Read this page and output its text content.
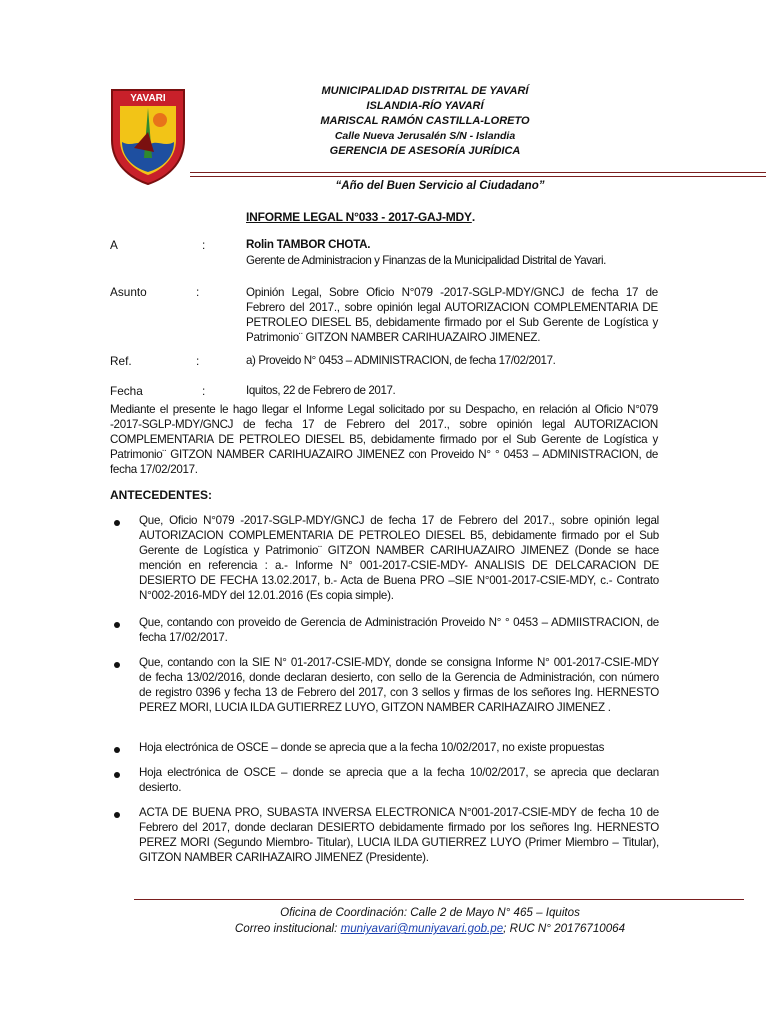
YAVARI
MUNICIPALIDAD DISTRITAL DE YAVARÍ
ISLANDIA-RÍO YAVARÍ
MARISCAL RAMÓN CASTILLA-LORETO
Calle Nueva Jerusalén S/N - Islandia
GERENCIA DE ASESORÍA JURÍDICA
“Año del Buen Servicio al Ciudadano”
INFORME LEGAL N°033 - 2017-GAJ-MDY.
A	:	Rolin TAMBOR CHOTA.
Gerente de Administracion y Finanzas de la Municipalidad Distrital de Yavari.
Asunto	:	Opinión Legal, Sobre Oficio N°079 -2017-SGLP-MDY/GNCJ de fecha 17 de Febrero del 2017., sobre opinión legal AUTORIZACION COMPLEMENTARIA DE PETROLEO DIESEL B5, debidamente firmado por el Sub Gerente de Logística y Patrimonio¨ GITZON NAMBER CARIHUAZAIRO JIMENEZ.
Ref.	:	a) Proveido N° 0453 – ADMINISTRACION, de fecha 17/02/2017.
Fecha	:	Iquitos, 22 de Febrero de 2017.
Mediante el presente le hago llegar el Informe Legal solicitado por su Despacho, en relación al Oficio N°079 -2017-SGLP-MDY/GNCJ de fecha 17 de Febrero del 2017., sobre opinión legal AUTORIZACION COMPLEMENTARIA DE PETROLEO DIESEL B5, debidamente firmado por el Sub Gerente de Logística y Patrimonio¨ GITZON NAMBER CARIHUAZAIRO JIMENEZ con Proveido N° ° 0453 – ADMINISTRACION, de fecha 17/02/2017.
ANTECEDENTES:
Que, Oficio N°079 -2017-SGLP-MDY/GNCJ de fecha 17 de Febrero del 2017., sobre opinión legal AUTORIZACION COMPLEMENTARIA DE PETROLEO DIESEL B5, debidamente firmado por el Sub Gerente de Logística y Patrimonio¨ GITZON NAMBER CARIHUAZAIRO JIMENEZ (Donde se hace mención en referencia : a.- Informe N° 001-2017-CSIE-MDY- ANALISIS DE DELCARACION DE DESIERTO DE FECHA 13.02.2017, b.- Acta de Buena PRO –SIE N°001-2017-CSIE-MDY, c.- Contrato N°002-2016-MDY del 12.01.2016 (Es copia simple).
Que, contando con proveido de Gerencia de Administración Proveido N° ° 0453 – ADMIISTRACION, de fecha 17/02/2017.
Que, contando con la SIE N° 01-2017-CSIE-MDY, donde se consigna Informe N° 001-2017-CSIE-MDY de fecha 13/02/2016, donde declaran desierto, con sello de la Gerencia de Administración, con número de registro 0396 y fecha 13 de Febrero del 2017, con 3 sellos y firmas de los señores Ing. HERNESTO PEREZ MORI, LUCIA ILDA GUTIERREZ LUYO, GITZON NAMBER CARIHAZAIRO JIMENEZ .
Hoja electrónica de OSCE – donde se aprecia que a la fecha 10/02/2017, no existe propuestas
Hoja electrónica de OSCE – donde se aprecia que a la fecha 10/02/2017, se aprecia que declaran desierto.
ACTA DE BUENA PRO, SUBASTA INVERSA ELECTRONICA N°001-2017-CSIE-MDY de fecha 10 de Febrero del 2017, donde declaran DESIERTO debidamente firmado por los señores Ing. HERNESTO PEREZ MORI (Segundo Miembro- Titular), LUCIA ILDA GUTIERREZ LUYO (Primer Miembro – Titular), GITZON NAMBER CARIHAZAIRO JIMENEZ (Presidente).
Oficina de Coordinación: Calle 2 de Mayo N° 465 – Iquitos
Correo institucional: muniyavari@muniyavari.gob.pe; RUC N° 20176710064
